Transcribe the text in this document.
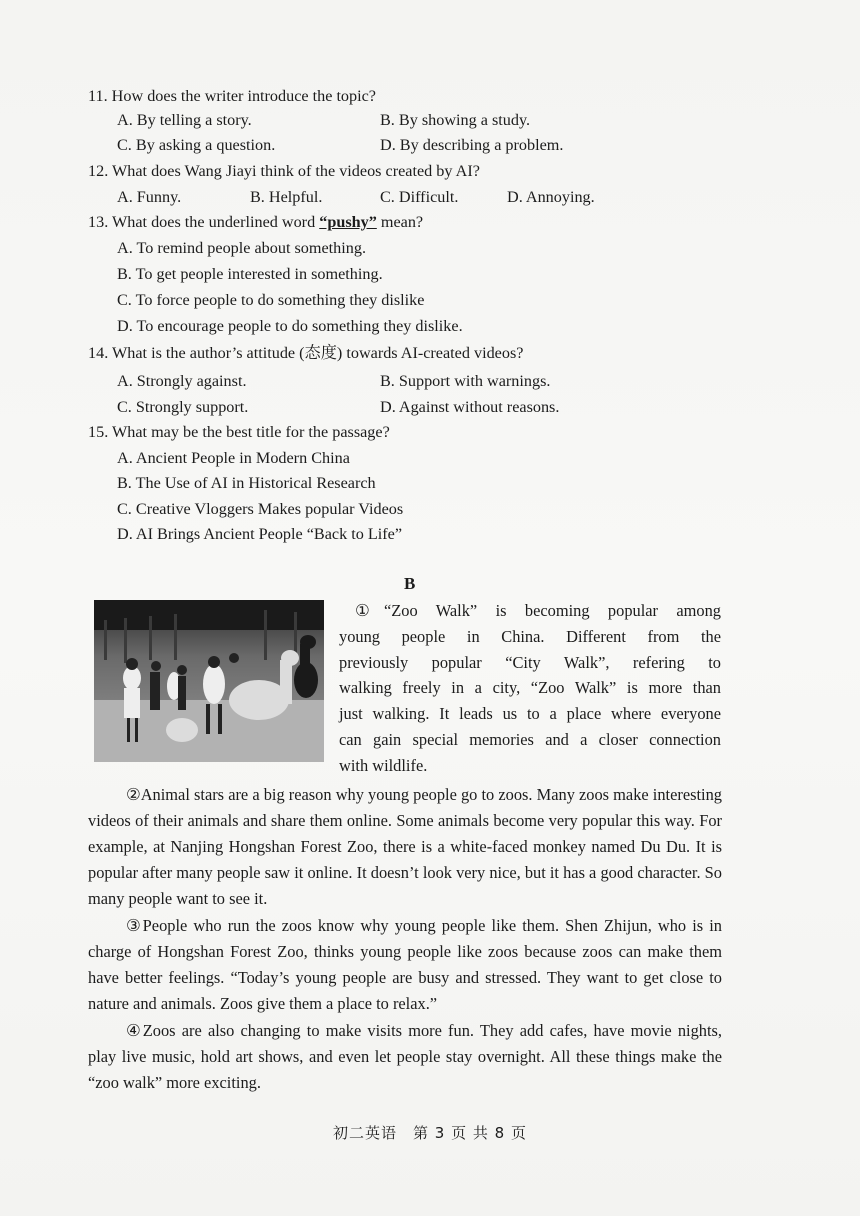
11. How does the writer introduce the topic?
A. By telling a story.	B. By showing a study.
C. By asking a question.	D. By describing a problem.
12. What does Wang Jiayi think of the videos created by AI?
A. Funny.	B. Helpful.	C. Difficult.	D. Annoying.
13. What does the underlined word “pushy” mean?
A. To remind people about something.
B. To get people interested in something.
C. To force people to do something they dislike
D. To encourage people to do something they dislike.
14. What is the author’s attitude (态度) towards AI-created videos?
A. Strongly against.	B. Support with warnings.
C. Strongly support.	D. Against without reasons.
15. What may be the best title for the passage?
A. Ancient People in Modern China
B. The Use of AI in Historical Research
C. Creative Vloggers Makes popular Videos
D. AI Brings Ancient People “Back to Life”
B
①“Zoo Walk” is becoming popular among
young people in China. Different from the
previously popular “City Walk”, refering to
walking freely in a city, “Zoo Walk” is more than
just walking. It leads us to a place where everyone
can gain special memories and a closer connection
with wildlife.
②Animal stars are a big reason why young people go to zoos. Many zoos make interesting videos of their animals and share them online. Some animals become very popular this way. For example, at Nanjing Hongshan Forest Zoo, there is a white-faced monkey named Du Du. It is popular after many people saw it online. It doesn’t look very nice, but it has a good character. So many people want to see it.
③People who run the zoos know why young people like them. Shen Zhijun, who is in charge of Hongshan Forest Zoo, thinks young people like zoos because zoos can make them have better feelings. “Today’s young people are busy and stressed. They want to get close to nature and animals. Zoos give them a place to relax.”
④Zoos are also changing to make visits more fun. They add cafes, have movie nights, play live music, hold art shows, and even let people stay overnight. All these things make the “zoo walk” more exciting.
初二英语　第 3 页 共 8 页
